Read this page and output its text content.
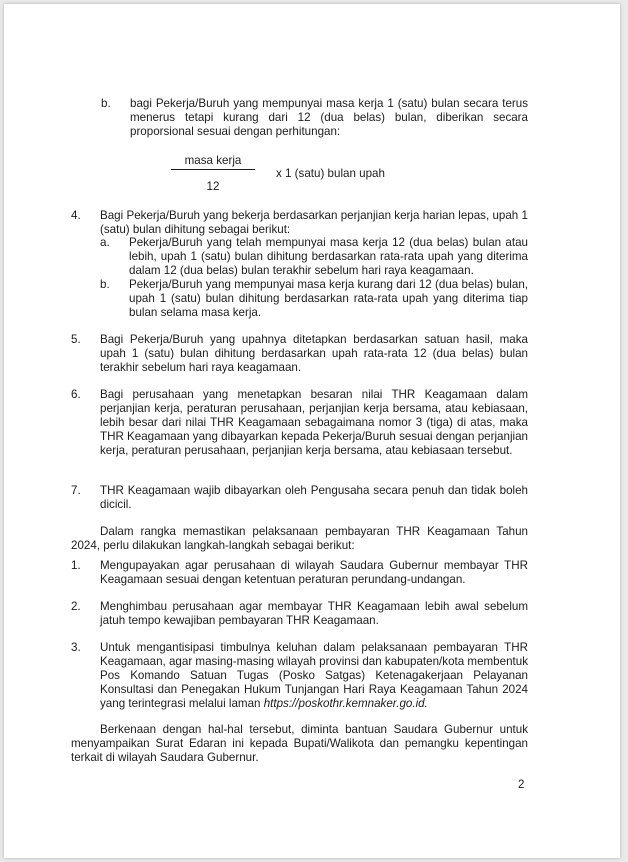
b. bagi Pekerja/Buruh yang mempunyai masa kerja 1 (satu) bulan secara terus menerus tetapi kurang dari 12 (dua belas) bulan, diberikan secara proporsional sesuai dengan perhitungan:

masa kerja
12
x 1 (satu) bulan upah
4. Bagi Pekerja/Buruh yang bekerja berdasarkan perjanjian kerja harian lepas, upah 1 (satu) bulan dihitung sebagai berikut:

a. Pekerja/Buruh yang telah mempunyai masa kerja 12 (dua belas) bulan atau lebih, upah 1 (satu) bulan dihitung berdasarkan rata-rata upah yang diterima dalam 12 (dua belas) bulan terakhir sebelum hari raya keagamaan.

b. Pekerja/Buruh yang mempunyai masa kerja kurang dari 12 (dua belas) bulan, upah 1 (satu) bulan dihitung berdasarkan rata-rata upah yang diterima tiap bulan selama masa kerja.

5. Bagi Pekerja/Buruh yang upahnya ditetapkan berdasarkan satuan hasil, maka upah 1 (satu) bulan dihitung berdasarkan upah rata-rata 12 (dua belas) bulan terakhir sebelum hari raya keagamaan.

6. Bagi perusahaan yang menetapkan besaran nilai THR Keagamaan dalam perjanjian kerja, peraturan perusahaan, perjanjian kerja bersama, atau kebiasaan, lebih besar dari nilai THR Keagamaan sebagaimana nomor 3 (tiga) di atas, maka THR Keagamaan yang dibayarkan kepada Pekerja/Buruh sesuai dengan perjanjian kerja, peraturan perusahaan, perjanjian kerja bersama, atau kebiasaan tersebut.

7. THR Keagamaan wajib dibayarkan oleh Pengusaha secara penuh dan tidak boleh dicicil.

Dalam rangka memastikan pelaksanaan pembayaran THR Keagamaan Tahun 2024, perlu dilakukan langkah-langkah sebagai berikut:

1. Mengupayakan agar perusahaan di wilayah Saudara Gubernur membayar THR Keagamaan sesuai dengan ketentuan peraturan perundang-undangan.

2. Menghimbau perusahaan agar membayar THR Keagamaan lebih awal sebelum jatuh tempo kewajiban pembayaran THR Keagamaan.

3. Untuk mengantisipasi timbulnya keluhan dalam pelaksanaan pembayaran THR Keagamaan, agar masing-masing wilayah provinsi dan kabupaten/kota membentuk Pos Komando Satuan Tugas (Posko Satgas) Ketenagakerjaan Pelayanan Konsultasi dan Penegakan Hukum Tunjangan Hari Raya Keagamaan Tahun 2024 yang terintegrasi melalui laman https://poskothr.kemnaker.go.id.

Berkenaan dengan hal-hal tersebut, diminta bantuan Saudara Gubernur untuk menyampaikan Surat Edaran ini kepada Bupati/Walikota dan pemangku kepentingan terkait di wilayah Saudara Gubernur.

2
